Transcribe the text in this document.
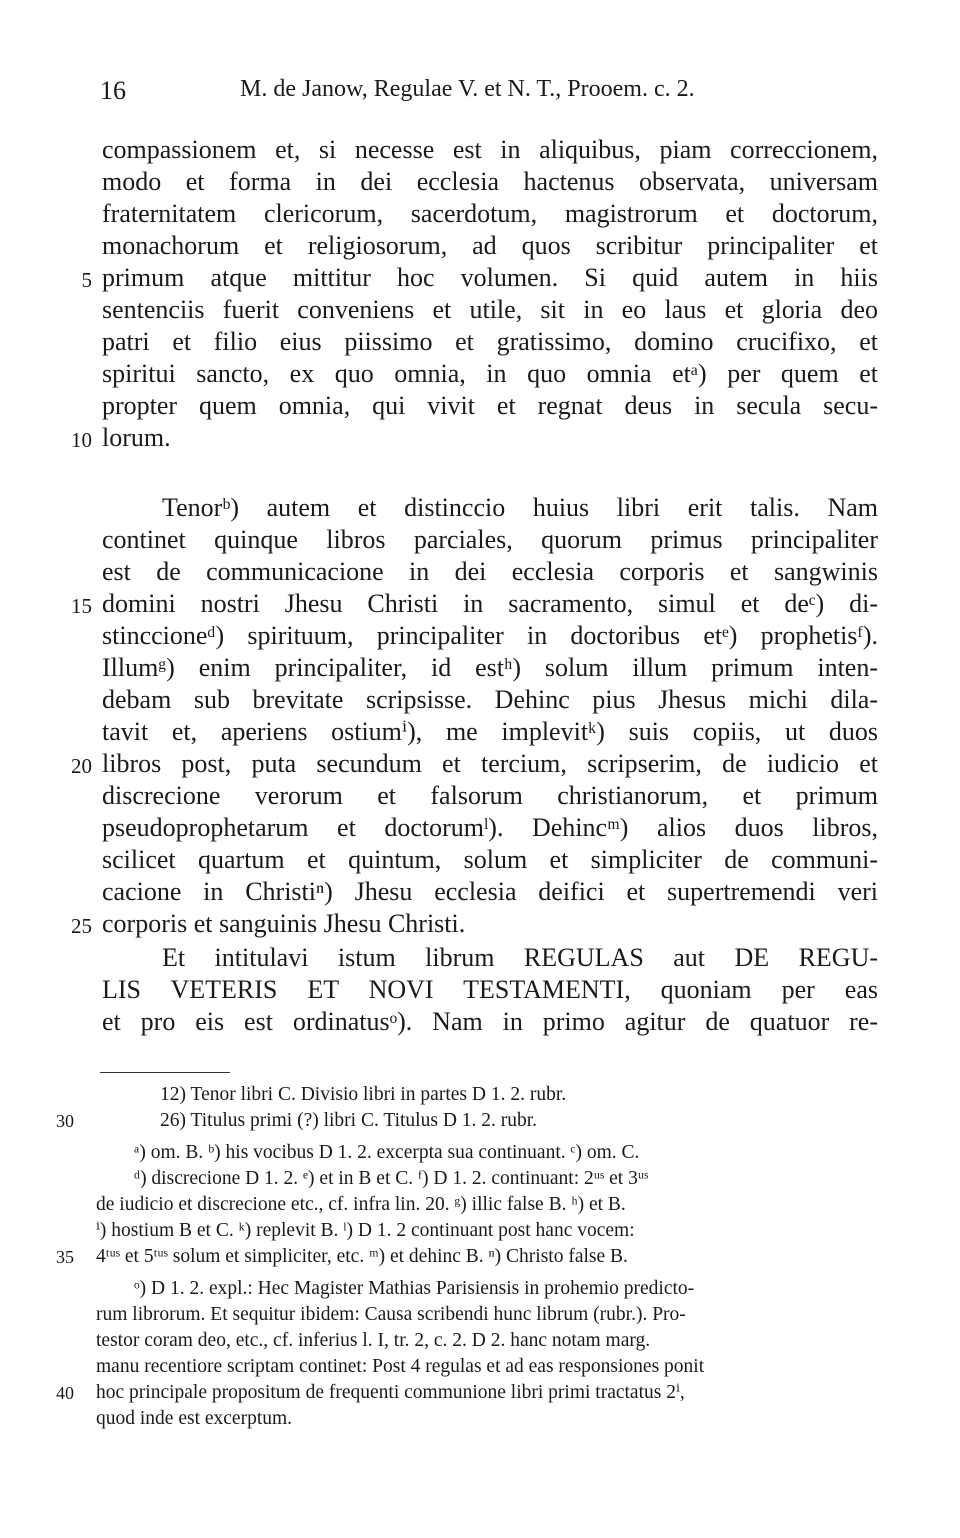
16	M. de Janow, Regulae V. et N. T., Prooem. c. 2.
compassionem et, si necesse est in aliquibus, piam correccionem,
modo et forma in dei ecclesia hactenus observata, universam
fraternitatem clericorum, sacerdotum, magistrorum et doctorum,
monachorum et religiosorum, ad quos scribitur principaliter et
primum atque mittitur hoc volumen. Si quid autem in hiis
sentenciis fuerit conveniens et utile, sit in eo laus et gloria deo
patri et filio eius piissimo et gratissimo, domino crucifixo, et
spiritui sancto, ex quo omnia, in quo omnia etᵃ) per quem et
propter quem omnia, qui vivit et regnat deus in secula secu-
lorum.
Tenorᵇ) autem et distinccio huius libri erit talis. Nam
continet quinque libros parciales, quorum primus principaliter
est de communicacione in dei ecclesia corporis et sangwinis
domini nostri Jhesu Christi in sacramento, simul et deᶜ) di-
stinccioneᵈ) spirituum, principaliter in doctoribus etᵉ) prophetisᶠ).
Illumᵍ) enim principaliter, id estʰ) solum illum primum inten-
debam sub brevitate scripsisse. Dehinc pius Jhesus michi dila-
tavit et, aperiens ostiumⁱ), me implevitᵏ) suis copiis, ut duos
libros post, puta secundum et tercium, scripserim, de iudicio et
discrecione verorum et falsorum christianorum, et primum
pseudoprophetarum et doctorumˡ). Dehincᵐ) alios duos libros,
scilicet quartum et quintum, solum et simpliciter de communi-
cacione in Christiⁿ) Jhesu ecclesia deifici et supertremendi veri
corporis et sanguinis Jhesu Christi.
Et intitulavi istum librum REGULAS aut DE REGU-
LIS VETERIS ET NOVI TESTAMENTI, quoniam per eas
et pro eis est ordinatusᵒ). Nam in primo agitur de quatuor re-
5
10
15
20
25
12) Tenor libri C. Divisio libri in partes D 1. 2. rubr.
26) Titulus primi (?) libri C. Titulus D 1. 2. rubr.
ᵃ) om. B. ᵇ) his vocibus D 1. 2. excerpta sua continuant. ᶜ) om. C.
ᵈ) discrecione D 1. 2. ᵉ) et in B et C. ᶠ) D 1. 2. continuant: 2ᵘˢ et 3ᵘˢ
de iudicio et discrecione etc., cf. infra lin. 20. ᵍ) illic false B. ʰ) et B.
ⁱ) hostium B et C. ᵏ) replevit B. ˡ) D 1. 2 continuant post hanc vocem:
4ᵗᵘˢ et 5ᵗᵘˢ solum et simpliciter, etc. ᵐ) et dehinc B. ⁿ) Christo false B.
ᵒ) D 1. 2. expl.: Hec Magister Mathias Parisiensis in prohemio predicto-
rum librorum. Et sequitur ibidem: Causa scribendi hunc librum (rubr.). Pro-
testor coram deo, etc., cf. inferius l. I, tr. 2, c. 2. D 2. hanc notam marg.
manu recentiore scriptam continet: Post 4 regulas et ad eas responsiones ponit
hoc principale propositum de frequenti communione libri primi tractatus 2ⁱ,
quod inde est excerptum.
30
35
40
